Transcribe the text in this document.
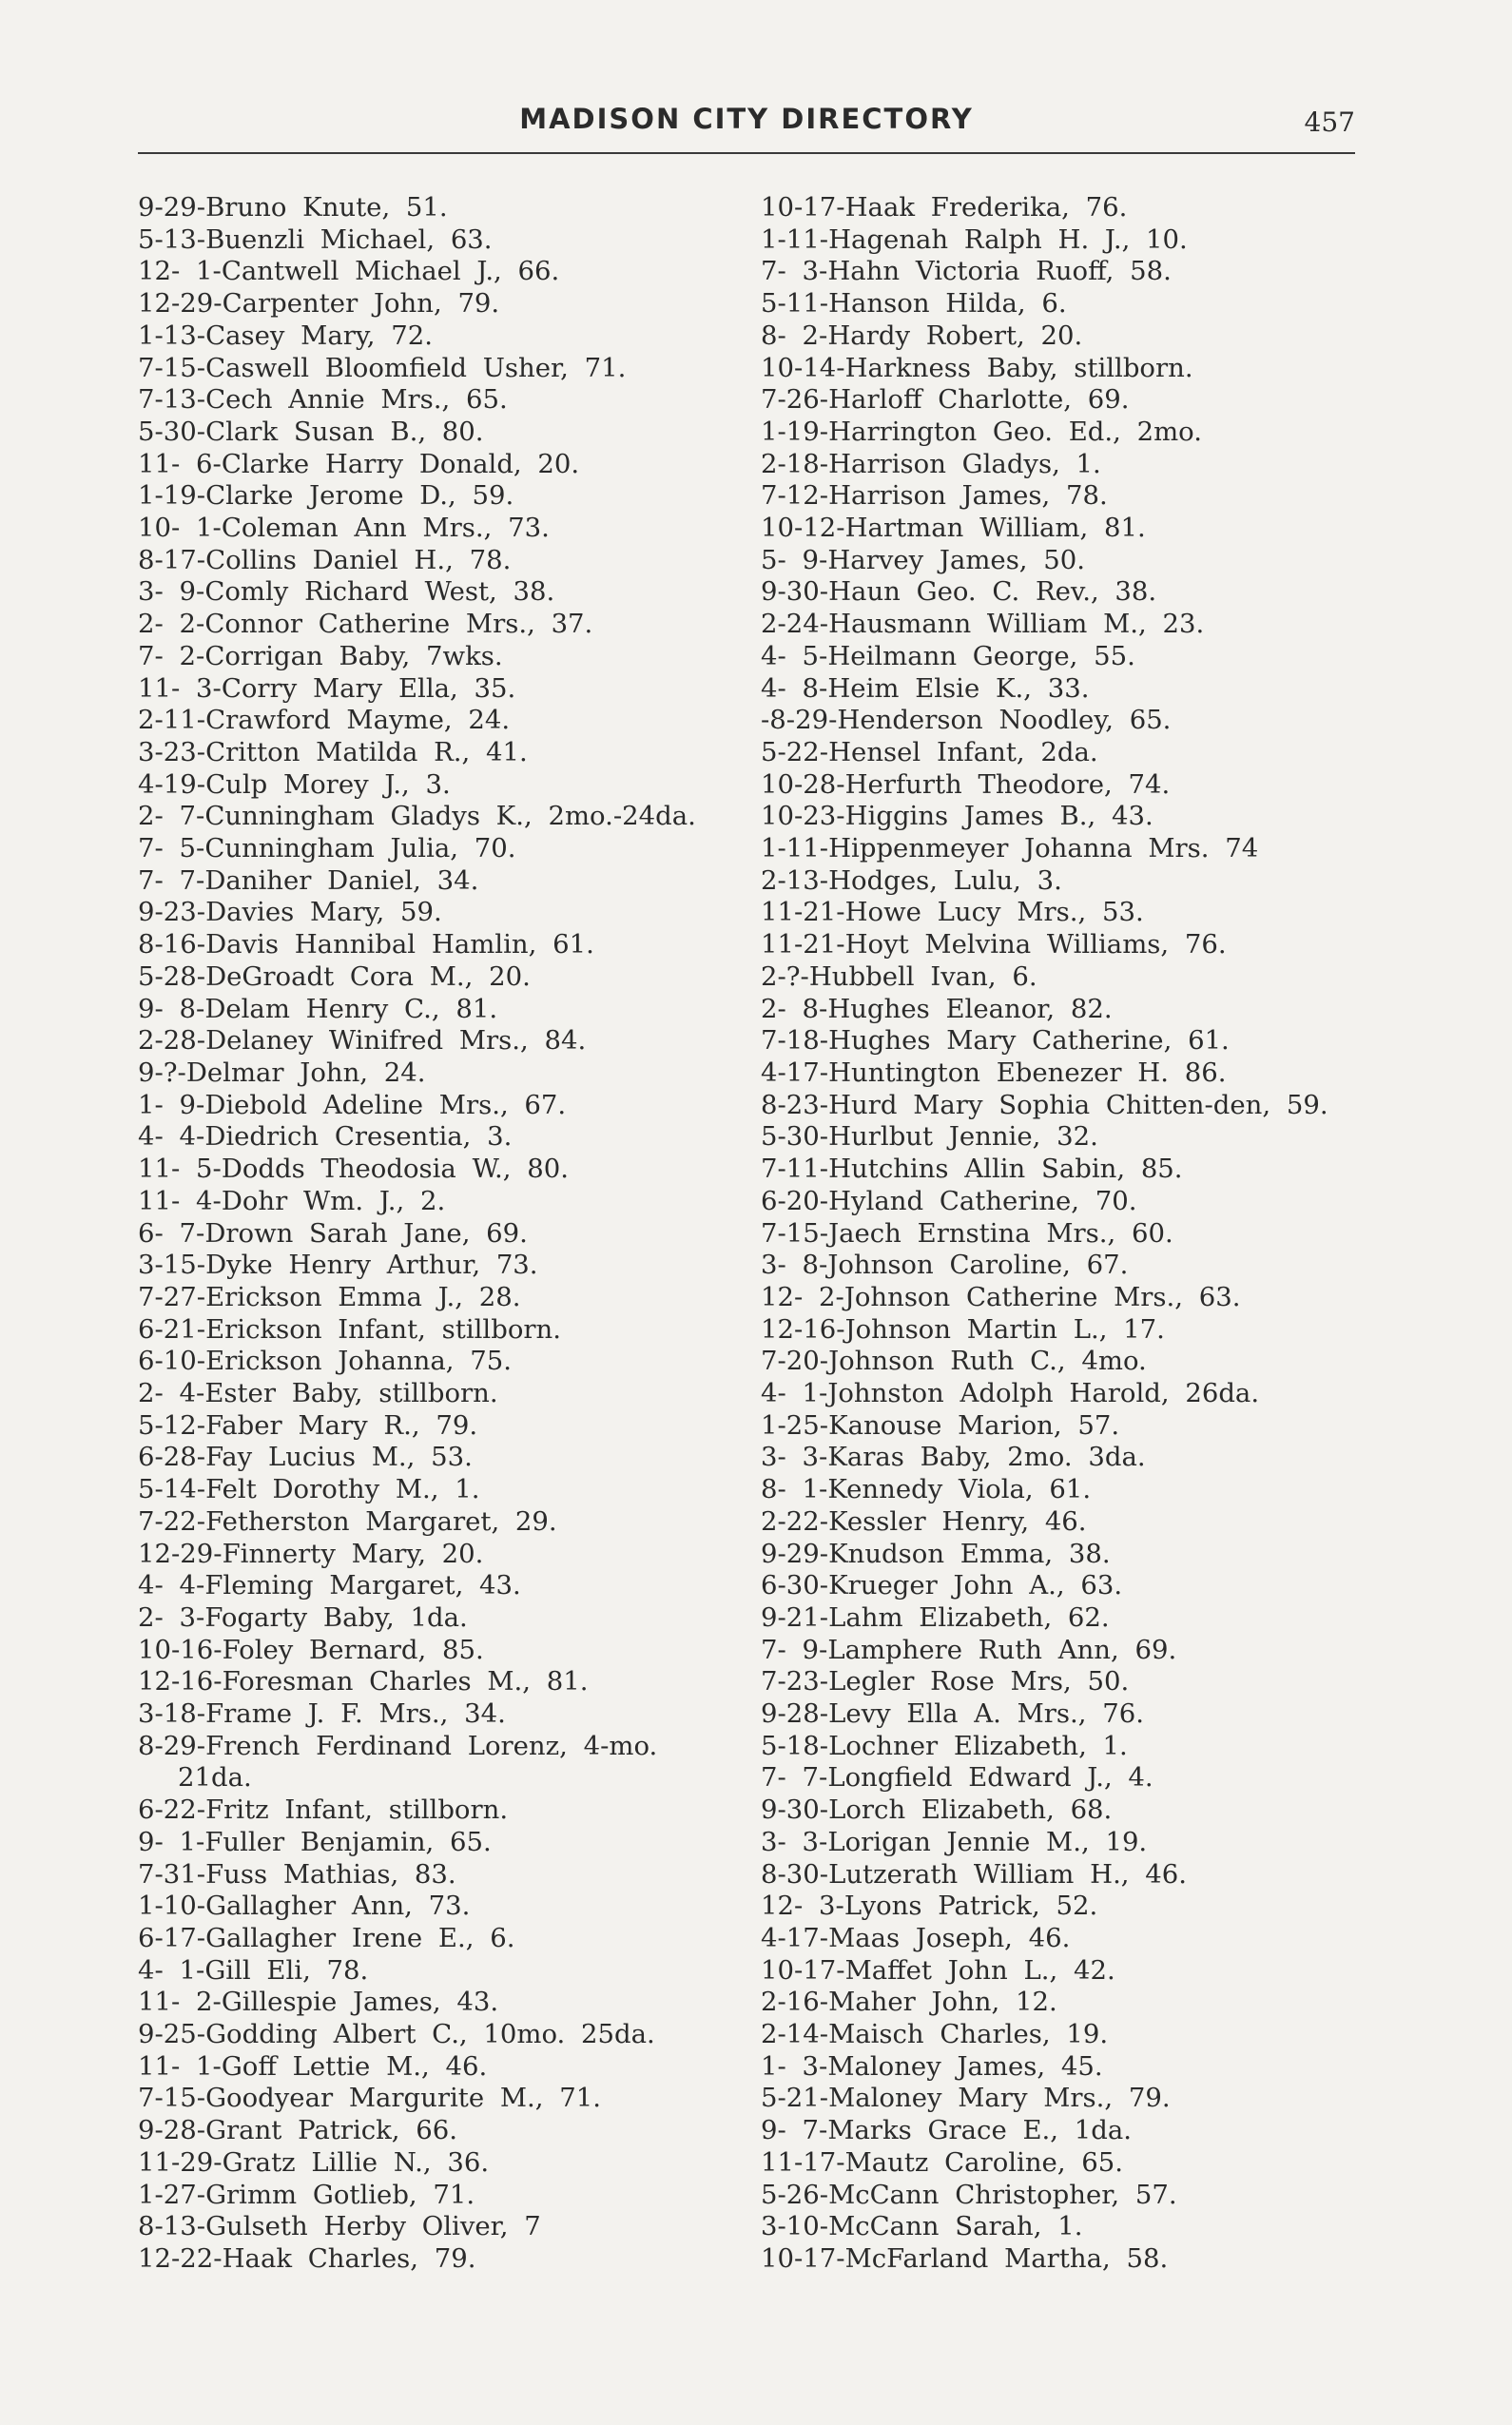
MADISON CITY DIRECTORY	457
9-29-Bruno Knute, 51.
5-13-Buenzli Michael, 63.
12- 1-Cantwell Michael J., 66.
12-29-Carpenter John, 79.
1-13-Casey Mary, 72.
7-15-Caswell Bloomfield Usher, 71.
7-13-Cech Annie Mrs., 65.
5-30-Clark Susan B., 80.
11- 6-Clarke Harry Donald, 20.
1-19-Clarke Jerome D., 59.
10- 1-Coleman Ann Mrs., 73.
8-17-Collins Daniel H., 78.
3- 9-Comly Richard West, 38.
2- 2-Connor Catherine Mrs., 37.
7- 2-Corrigan Baby, 7wks.
11- 3-Corry Mary Ella, 35.
2-11-Crawford Mayme, 24.
3-23-Critton Matilda R., 41.
4-19-Culp Morey J., 3.
2- 7-Cunningham Gladys K., 2mo.-24da.
7- 5-Cunningham Julia, 70.
7- 7-Daniher Daniel, 34.
9-23-Davies Mary, 59.
8-16-Davis Hannibal Hamlin, 61.
5-28-DeGroadt Cora M., 20.
9- 8-Delam Henry C., 81.
2-28-Delaney Winifred Mrs., 84.
9-?-Delmar John, 24.
1- 9-Diebold Adeline Mrs., 67.
4- 4-Diedrich Cresentia, 3.
11- 5-Dodds Theodosia W., 80.
11- 4-Dohr Wm. J., 2.
6- 7-Drown Sarah Jane, 69.
3-15-Dyke Henry Arthur, 73.
7-27-Erickson Emma J., 28.
6-21-Erickson Infant, stillborn.
6-10-Erickson Johanna, 75.
2- 4-Ester Baby, stillborn.
5-12-Faber Mary R., 79.
6-28-Fay Lucius M., 53.
5-14-Felt Dorothy M., 1.
7-22-Fetherston Margaret, 29.
12-29-Finnerty Mary, 20.
4- 4-Fleming Margaret, 43.
2- 3-Fogarty Baby, 1da.
10-16-Foley Bernard, 85.
12-16-Foresman Charles M., 81.
3-18-Frame J. F. Mrs., 34.
8-29-French Ferdinand Lorenz, 4-mo. 21da.
6-22-Fritz Infant, stillborn.
9- 1-Fuller Benjamin, 65.
7-31-Fuss Mathias, 83.
1-10-Gallagher Ann, 73.
6-17-Gallagher Irene E., 6.
4- 1-Gill Eli, 78.
11- 2-Gillespie James, 43.
9-25-Godding Albert C., 10mo. 25da.
11- 1-Goff Lettie M., 46.
7-15-Goodyear Margurite M., 71.
9-28-Grant Patrick, 66.
11-29-Gratz Lillie N., 36.
1-27-Grimm Gotlieb, 71.
8-13-Gulseth Herby Oliver, 7
12-22-Haak Charles, 79.
10-17-Haak Frederika, 76.
1-11-Hagenah Ralph H. J., 10.
7- 3-Hahn Victoria Ruoff, 58.
5-11-Hanson Hilda, 6.
8- 2-Hardy Robert, 20.
10-14-Harkness Baby, stillborn.
7-26-Harloff Charlotte, 69.
1-19-Harrington Geo. Ed., 2mo.
2-18-Harrison Gladys, 1.
7-12-Harrison James, 78.
10-12-Hartman William, 81.
5- 9-Harvey James, 50.
9-30-Haun Geo. C. Rev., 38.
2-24-Hausmann William M., 23.
4- 5-Heilmann George, 55.
4- 8-Heim Elsie K., 33.
-8-29-Henderson Noodley, 65.
5-22-Hensel Infant, 2da.
10-28-Herfurth Theodore, 74.
10-23-Higgins James B., 43.
1-11-Hippenmeyer Johanna Mrs. 74
2-13-Hodges, Lulu, 3.
11-21-Howe Lucy Mrs., 53.
11-21-Hoyt Melvina Williams, 76.
2-?-Hubbell Ivan, 6.
2- 8-Hughes Eleanor, 82.
7-18-Hughes Mary Catherine, 61.
4-17-Huntington Ebenezer H. 86.
8-23-Hurd Mary Sophia Chitten-den, 59.
5-30-Hurlbut Jennie, 32.
7-11-Hutchins Allin Sabin, 85.
6-20-Hyland Catherine, 70.
7-15-Jaech Ernstina Mrs., 60.
3- 8-Johnson Caroline, 67.
12- 2-Johnson Catherine Mrs., 63.
12-16-Johnson Martin L., 17.
7-20-Johnson Ruth C., 4mo.
4- 1-Johnston Adolph Harold, 26da.
1-25-Kanouse Marion, 57.
3- 3-Karas Baby, 2mo. 3da.
8- 1-Kennedy Viola, 61.
2-22-Kessler Henry, 46.
9-29-Knudson Emma, 38.
6-30-Krueger John A., 63.
9-21-Lahm Elizabeth, 62.
7- 9-Lamphere Ruth Ann, 69.
7-23-Legler Rose Mrs, 50.
9-28-Levy Ella A. Mrs., 76.
5-18-Lochner Elizabeth, 1.
7- 7-Longfield Edward J., 4.
9-30-Lorch Elizabeth, 68.
3- 3-Lorigan Jennie M., 19.
8-30-Lutzerath William H., 46.
12- 3-Lyons Patrick, 52.
4-17-Maas Joseph, 46.
10-17-Maffet John L., 42.
2-16-Maher John, 12.
2-14-Maisch Charles, 19.
1- 3-Maloney James, 45.
5-21-Maloney Mary Mrs., 79.
9- 7-Marks Grace E., 1da.
11-17-Mautz Caroline, 65.
5-26-McCann Christopher, 57.
3-10-McCann Sarah, 1.
10-17-McFarland Martha, 58.
